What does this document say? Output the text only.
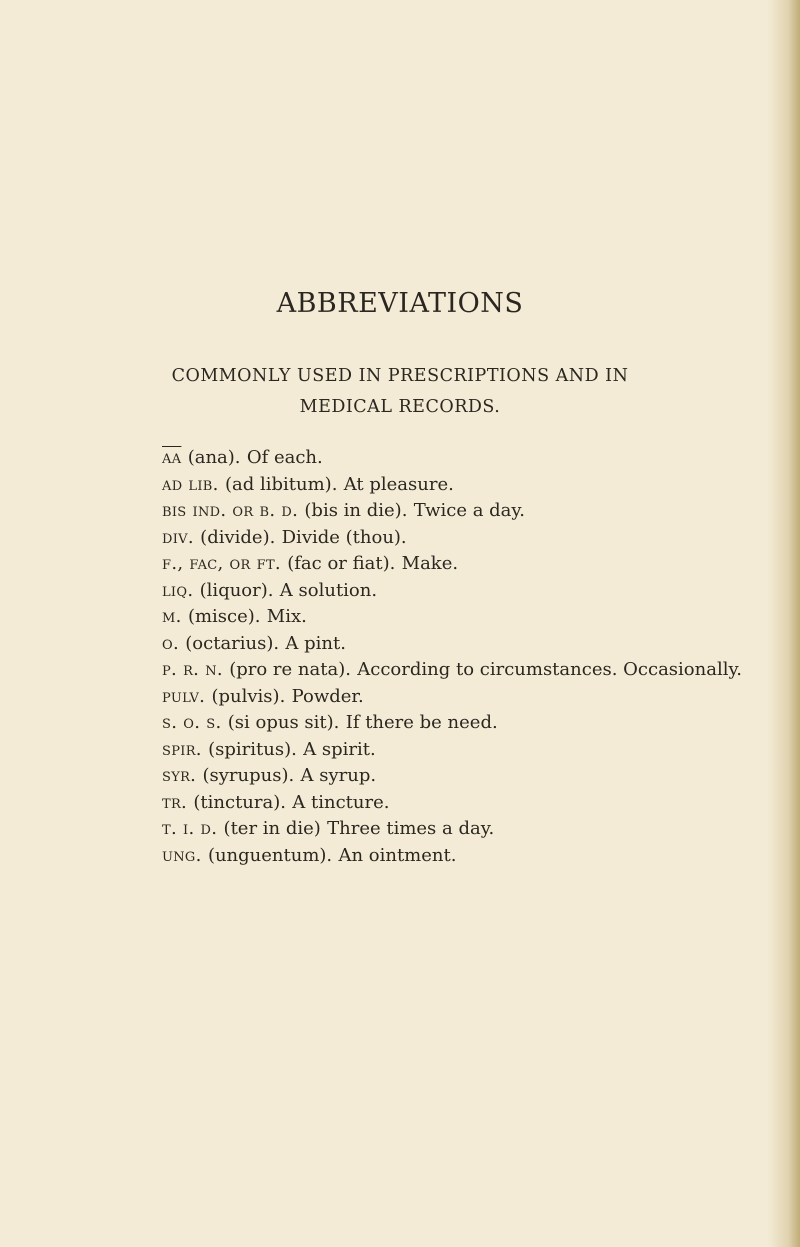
ABBREVIATIONS
COMMONLY USED IN PRESCRIPTIONS AND IN
MEDICAL RECORDS.
$\overline{aa}$ (ana). Of each.
ad lib. (ad libitum). At pleasure.
bis ind. or b. d. (bis in die). Twice a day.
div. (divide). Divide (thou).
f., fac, or ft. (fac or fiat). Make.
liq. (liquor). A solution.
m. (misce). Mix.
o. (octarius). A pint.
p. r. n. (pro re nata). According to circumstances. Occasionally.
pulv. (pulvis). Powder.
s. o. s. (si opus sit). If there be need.
spir. (spiritus). A spirit.
syr. (syrupus). A syrup.
tr. (tinctura). A tincture.
t. i. d. (ter in die) Three times a day.
ung. (unguentum). An ointment.
